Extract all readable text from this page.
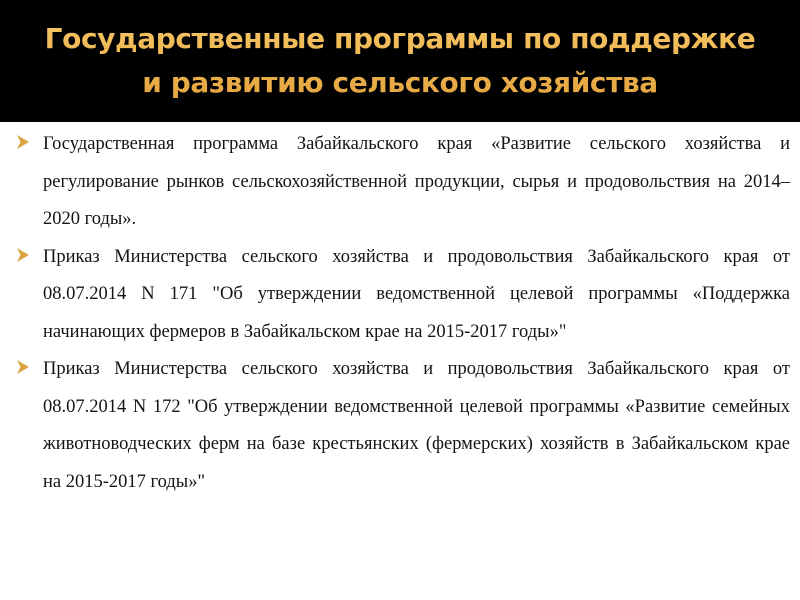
Государственные программы по поддержке
и развитию сельского хозяйства
Государственная программа Забайкальского края «Развитие сельского хозяйства и регулирование рынков сельскохозяйственной продукции, сырья и продовольствия на 2014–2020 годы».
Приказ Министерства сельского хозяйства и продовольствия Забайкальского края от 08.07.2014 N 171 "Об утверждении ведомственной целевой программы «Поддержка начинающих фермеров в Забайкальском крае на 2015-2017 годы»"
Приказ Министерства сельского хозяйства и продовольствия Забайкальского края от 08.07.2014 N 172 "Об утверждении ведомственной целевой программы «Развитие семейных животноводческих ферм на базе крестьянских (фермерских) хозяйств в Забайкальском крае на 2015-2017 годы»"
